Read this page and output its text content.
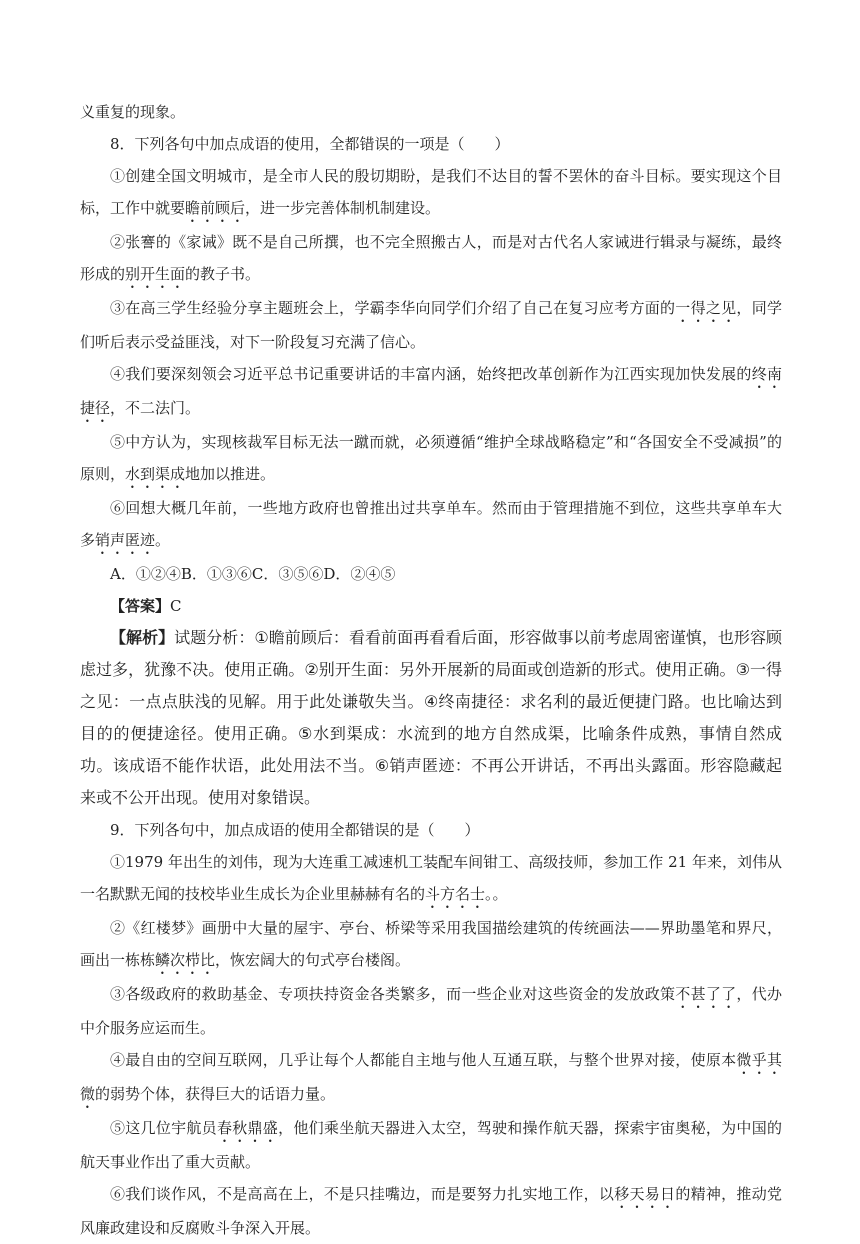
义重复的现象。

8．下列各句中加点成语的使用，全都错误的一项是（　　）

①创建全国文明城市，是全市人民的殷切期盼，是我们不达目的誓不罢休的奋斗目标。要实现这个目标，工作中就要瞻前顾后，进一步完善体制机制建设。

②张謇的《家诫》既不是自己所撰，也不完全照搬古人，而是对古代名人家诫进行辑录与凝练，最终形成的别开生面的教子书。

③在高三学生经验分享主题班会上，学霸李华向同学们介绍了自己在复习应考方面的一得之见，同学们听后表示受益匪浅，对下一阶段复习充满了信心。

④我们要深刻领会习近平总书记重要讲话的丰富内涵，始终把改革创新作为江西实现加快发展的终南捷径，不二法门。

⑤中方认为，实现核裁军目标无法一蹴而就，必须遵循“维护全球战略稳定”和“各国安全不受减损”的原则，水到渠成地加以推进。

⑥回想大概几年前，一些地方政府也曾推出过共享单车。然而由于管理措施不到位，这些共享单车大多销声匿迹。

A．①②④B．①③⑥C．③⑤⑥D．②④⑤

【答案】C

【解析】试题分析：①瞻前顾后：看看前面再看看后面，形容做事以前考虑周密谨慎，也形容顾虑过多，犹豫不决。使用正确。②别开生面：另外开展新的局面或创造新的形式。使用正确。③一得之见：一点点肤浅的见解。用于此处谦敬失当。④终南捷径：求名利的最近便捷门路。也比喻达到目的的便捷途径。使用正确。⑤水到渠成：水流到的地方自然成渠，比喻条件成熟，事情自然成功。该成语不能作状语，此处用法不当。⑥销声匿迹：不再公开讲话，不再出头露面。形容隐藏起来或不公开出现。使用对象错误。

9．下列各句中，加点成语的使用全都错误的是（　　）

①1979 年出生的刘伟，现为大连重工减速机工装配车间钳工、高级技师，参加工作 21 年来，刘伟从一名默默无闻的技校毕业生成长为企业里赫赫有名的斗方名士。。

②《红楼梦》画册中大量的屋宇、亭台、桥梁等采用我国描绘建筑的传统画法——界助墨笔和界尺，画出一栋栋鳞次栉比，恢宏阔大的句式亭台楼阁。

③各级政府的救助基金、专项扶持资金各类繁多，而一些企业对这些资金的发放政策不甚了了，代办中介服务应运而生。

④最自由的空间互联网，几乎让每个人都能自主地与他人互通互联，与整个世界对接，使原本微乎其微的弱势个体，获得巨大的话语力量。

⑤这几位宇航员春秋鼎盛，他们乘坐航天器进入太空，驾驶和操作航天器，探索宇宙奥秘，为中国的航天事业作出了重大贡献。

⑥我们谈作风，不是高高在上，不是只挂嘴边，而是要努力扎实地工作，以移天易日的精神，推动党风廉政建设和反腐败斗争深入开展。
